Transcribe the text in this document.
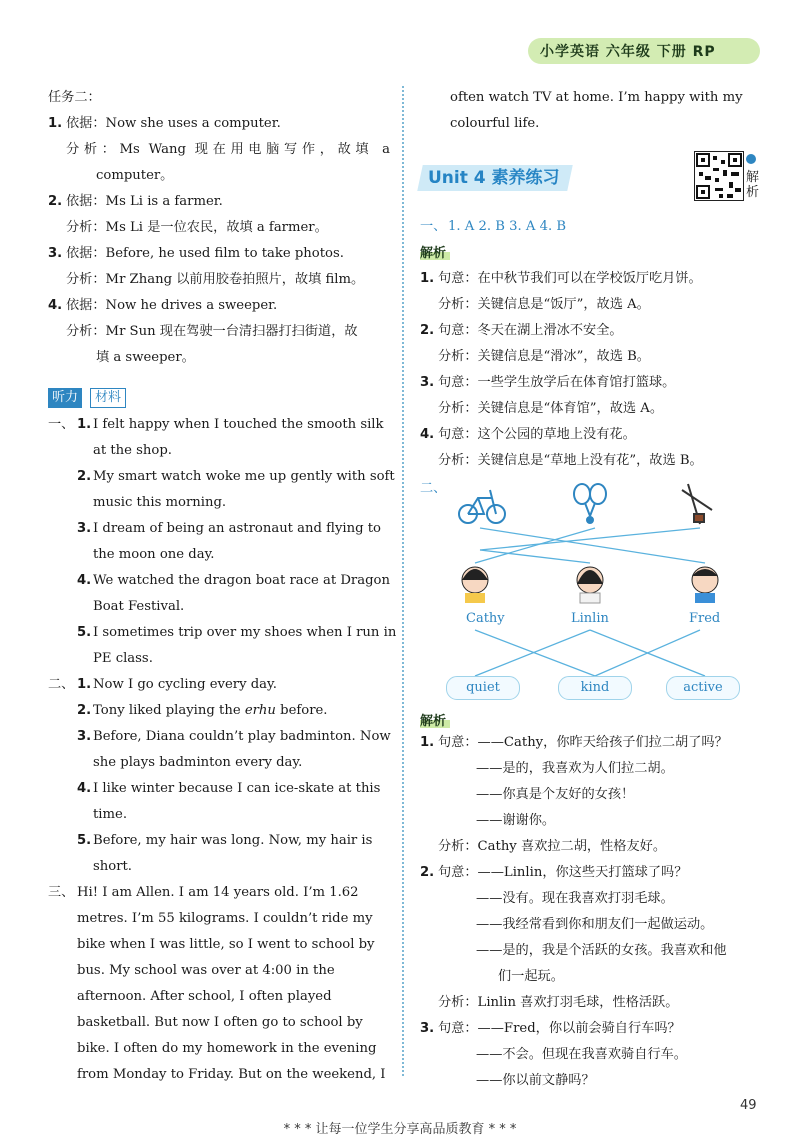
小学英语 六年级 下册 RP
任务二：
1. 依据：Now she uses a computer.
分析：Ms Wang 现在用电脑写作，故填 a
computer。
2. 依据：Ms Li is a farmer.
分析：Ms Li 是一位农民，故填 a farmer。
3. 依据：Before, he used film to take photos.
分析：Mr Zhang 以前用胶卷拍照片，故填 film。
4. 依据：Now he drives a sweeper.
分析：Mr Sun 现在驾驶一台清扫器打扫街道，故
填 a sweeper。
听力	材料
一、 1. I felt happy when I touched the smooth silk
at the shop.
2. My smart watch woke me up gently with soft
music this morning.
3. I dream of being an astronaut and flying to
the moon one day.
4. We watched the dragon boat race at Dragon
Boat Festival.
5. I sometimes trip over my shoes when I run in
PE class.
二、 1. Now I go cycling every day.
2. Tony liked playing the erhu before.
3. Before, Diana couldn’t play badminton. Now
she plays badminton every day.
4. I like winter because I can ice-skate at this
time.
5. Before, my hair was long. Now, my hair is
short.
三、 Hi! I am Allen. I am 14 years old. I’m 1.62
metres. I’m 55 kilograms. I couldn’t ride my
bike when I was little, so I went to school by
bus. My school was over at 4:00 in the
afternoon. After school, I often played
basketball. But now I often go to school by
bike. I often do my homework in the evening
from Monday to Friday. But on the weekend, I
often watch TV at home. I’m happy with my
colourful life.
Unit 4 素养练习	解析
一、 1. A 2. B 3. A 4. B
解析
1. 句意：在中秋节我们可以在学校饭厅吃月饼。
分析：关键信息是“饭厅”，故选 A。
2. 句意：冬天在湖上滑冰不安全。
分析：关键信息是“滑冰”，故选 B。
3. 句意：一些学生放学后在体育馆打篮球。
分析：关键信息是“体育馆”，故选 A。
4. 句意：这个公园的草地上没有花。
分析：关键信息是“草地上没有花”，故选 B。
二、
Cathy	Linlin	Fred
quiet	kind	active
解析
1. 句意：——Cathy，你昨天给孩子们拉二胡了吗？
——是的，我喜欢为人们拉二胡。
——你真是个友好的女孩！
——谢谢你。
分析：Cathy 喜欢拉二胡，性格友好。
2. 句意：——Linlin，你这些天打篮球了吗？
——没有。现在我喜欢打羽毛球。
——我经常看到你和朋友们一起做运动。
——是的，我是个活跃的女孩。我喜欢和他
们一起玩。
分析：Linlin 喜欢打羽毛球，性格活跃。
3. 句意：——Fred，你以前会骑自行车吗？
——不会。但现在我喜欢骑自行车。
——你以前文静吗？
* * * 让每一位学生分享高品质教育 * * *
49
